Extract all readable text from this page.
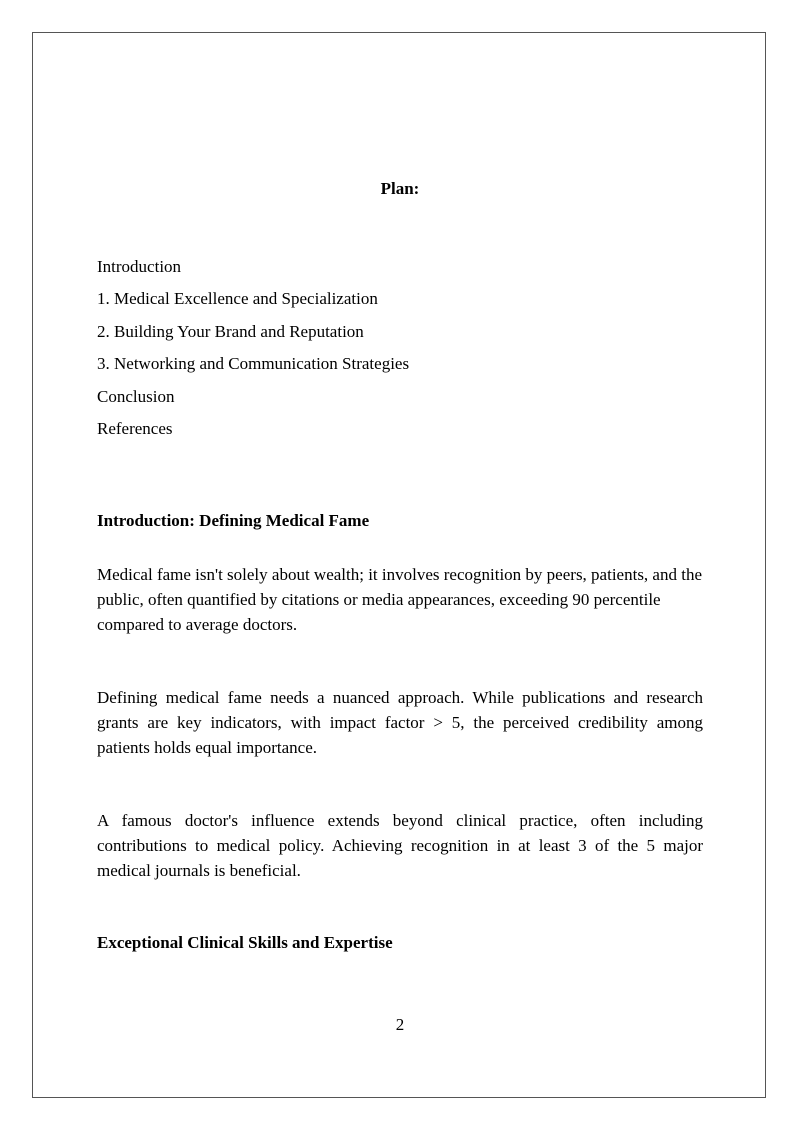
Plan:

Introduction
1. Medical Excellence and Specialization
2. Building Your Brand and Reputation
3. Networking and Communication Strategies
Conclusion
References

Introduction: Defining Medical Fame

Medical fame isn't solely about wealth; it involves recognition by peers, patients, and the public, often quantified by citations or media appearances, exceeding 90 percentile compared to average doctors.

Defining medical fame needs a nuanced approach. While publications and research grants are key indicators, with impact factor > 5, the perceived credibility among patients holds equal importance.

A famous doctor's influence extends beyond clinical practice, often including contributions to medical policy. Achieving recognition in at least 3 of the 5 major medical journals is beneficial.

Exceptional Clinical Skills and Expertise

2
